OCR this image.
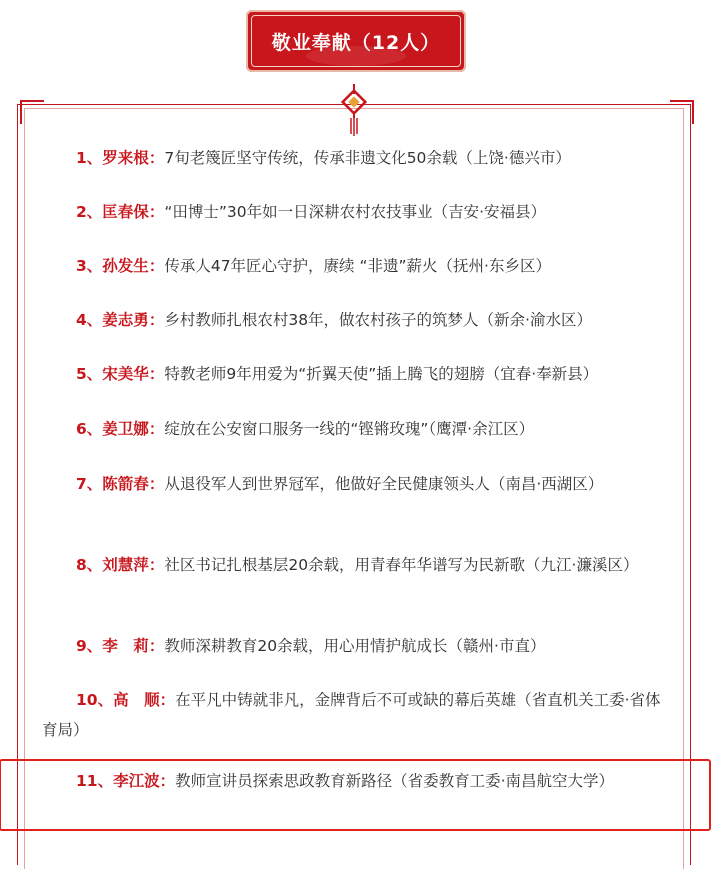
敬业奉献（12人）
1、罗来根：7旬老篾匠坚守传统，传承非遗文化50余载（上饶·德兴市）
2、匡春保：“田博士”30年如一日深耕农村农技事业（吉安·安福县）
3、孙发生：传承人47年匠心守护，赓续 “非遗”薪火（抚州·东乡区）
4、姜志勇：乡村教师扎根农村38年，做农村孩子的筑梦人（新余·渝水区）
5、宋美华：特教老师9年用爱为“折翼天使”插上腾飞的翅膀（宜春·奉新县）
6、姜卫娜：绽放在公安窗口服务一线的“铿锵玫瑰”（鹰潭·余江区）
7、陈箭春：从退役军人到世界冠军，他做好全民健康领头人（南昌·西湖区）
8、刘慧萍：社区书记扎根基层20余载，用青春年华谱写为民新歌（九江·濂溪区）
9、李　莉：教师深耕教育20余载，用心用情护航成长（赣州·市直）
10、高　顺：在平凡中铸就非凡，金牌背后不可或缺的幕后英雄（省直机关工委·省体育局）
11、李江波：教师宣讲员探索思政教育新路径（省委教育工委·南昌航空大学）
